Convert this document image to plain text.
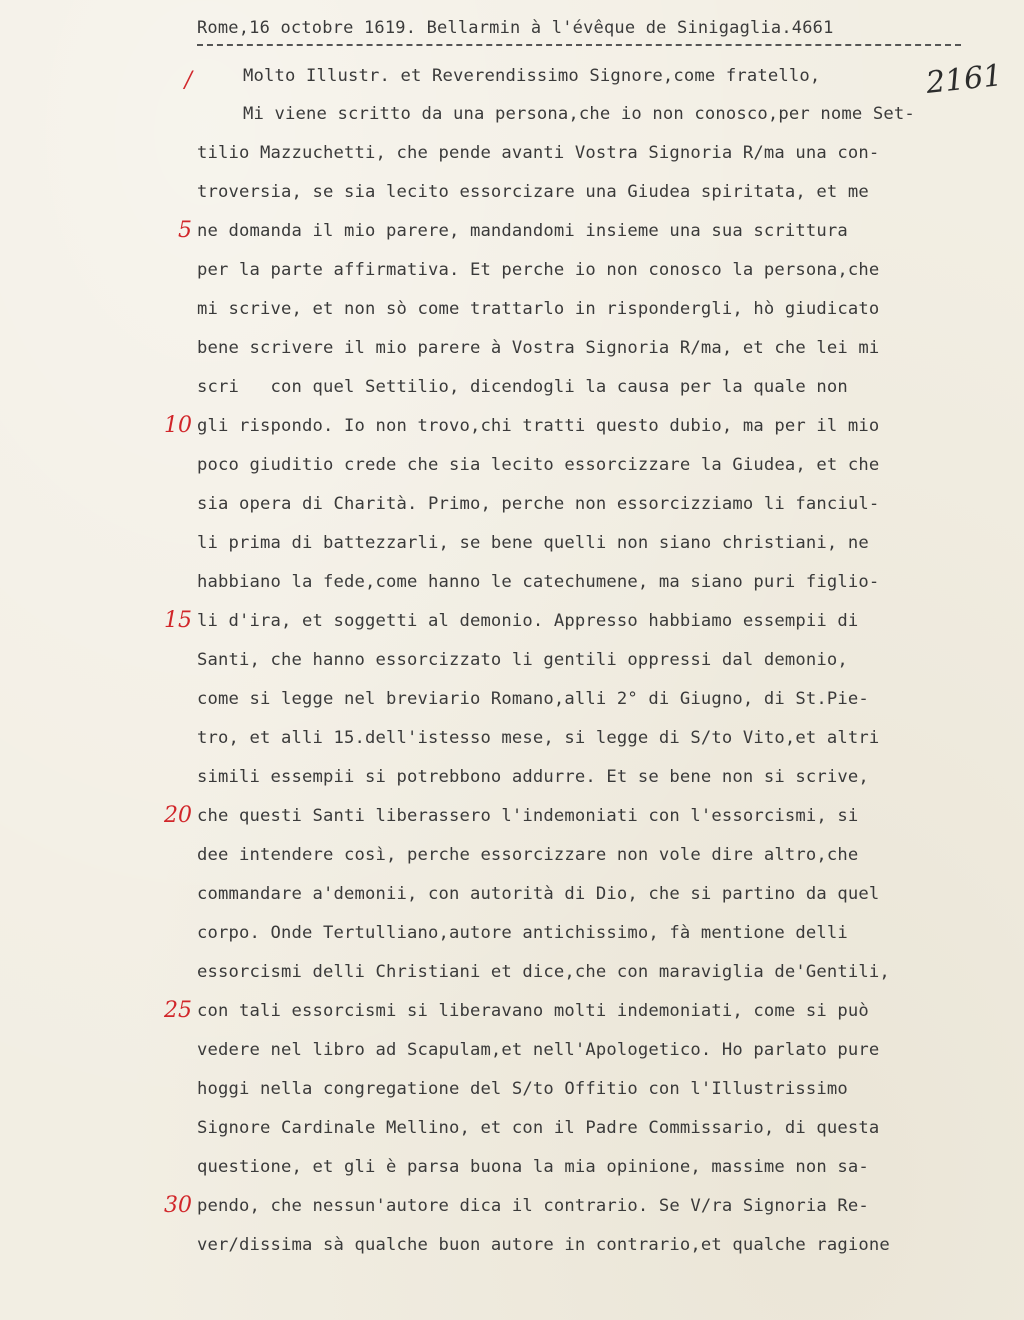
Rome,16 octobre 1619. Bellarmin à l'évêque de Sinigaglia.4661
2161
/
5
10
15
20
25
30
Molto Illustr. et Reverendissimo Signore,come fratello,
Mi viene scritto da una persona,che io non conosco,per nome Set-
tilio Mazzuchetti, che pende avanti Vostra Signoria R/ma una con-
troversia, se sia lecito essorcizare una Giudea spiritata, et me
ne domanda il mio parere, mandandomi insieme una sua scrittura
per la parte affirmativa. Et perche io non conosco la persona,che
mi scrive, et non sò come trattarlo in rispondergli, hò giudicato
bene scrivere il mio parere à Vostra Signoria R/ma, et che lei mi
scri   con quel Settilio, dicendogli la causa per la quale non
gli rispondo. Io non trovo,chi tratti questo dubio, ma per il mio
poco giuditio crede che sia lecito essorcizzare la Giudea, et che
sia opera di Charità. Primo, perche non essorcizziamo li fanciul-
li prima di battezzarli, se bene quelli non siano christiani, ne
habbiano la fede,come hanno le catechumene, ma siano puri figlio-
li d'ira, et soggetti al demonio. Appresso habbiamo essempii di
Santi, che hanno essorcizzato li gentili oppressi dal demonio,
come si legge nel breviario Romano,alli 2° di Giugno, di St.Pie-
tro, et alli 15.dell'istesso mese, si legge di S/to Vito,et altri
simili essempii si potrebbono addurre. Et se bene non si scrive,
che questi Santi liberassero l'indemoniati con l'essorcismi, si
dee intendere così, perche essorcizzare non vole dire altro,che
commandare a'demonii, con autorità di Dio, che si partino da quel
corpo. Onde Tertulliano,autore antichissimo, fà mentione delli
essorcismi delli Christiani et dice,che con maraviglia de'Gentili,
con tali essorcismi si liberavano molti indemoniati, come si può
vedere nel libro ad Scapulam,et nell'Apologetico. Ho parlato pure
hoggi nella congregatione del S/to Offitio con l'Illustrissimo
Signore Cardinale Mellino, et con il Padre Commissario, di questa
questione, et gli è parsa buona la mia opinione, massime non sa-
pendo, che nessun'autore dica il contrario. Se V/ra Signoria Re-
ver/dissima sà qualche buon autore in contrario,et qualche ragione
